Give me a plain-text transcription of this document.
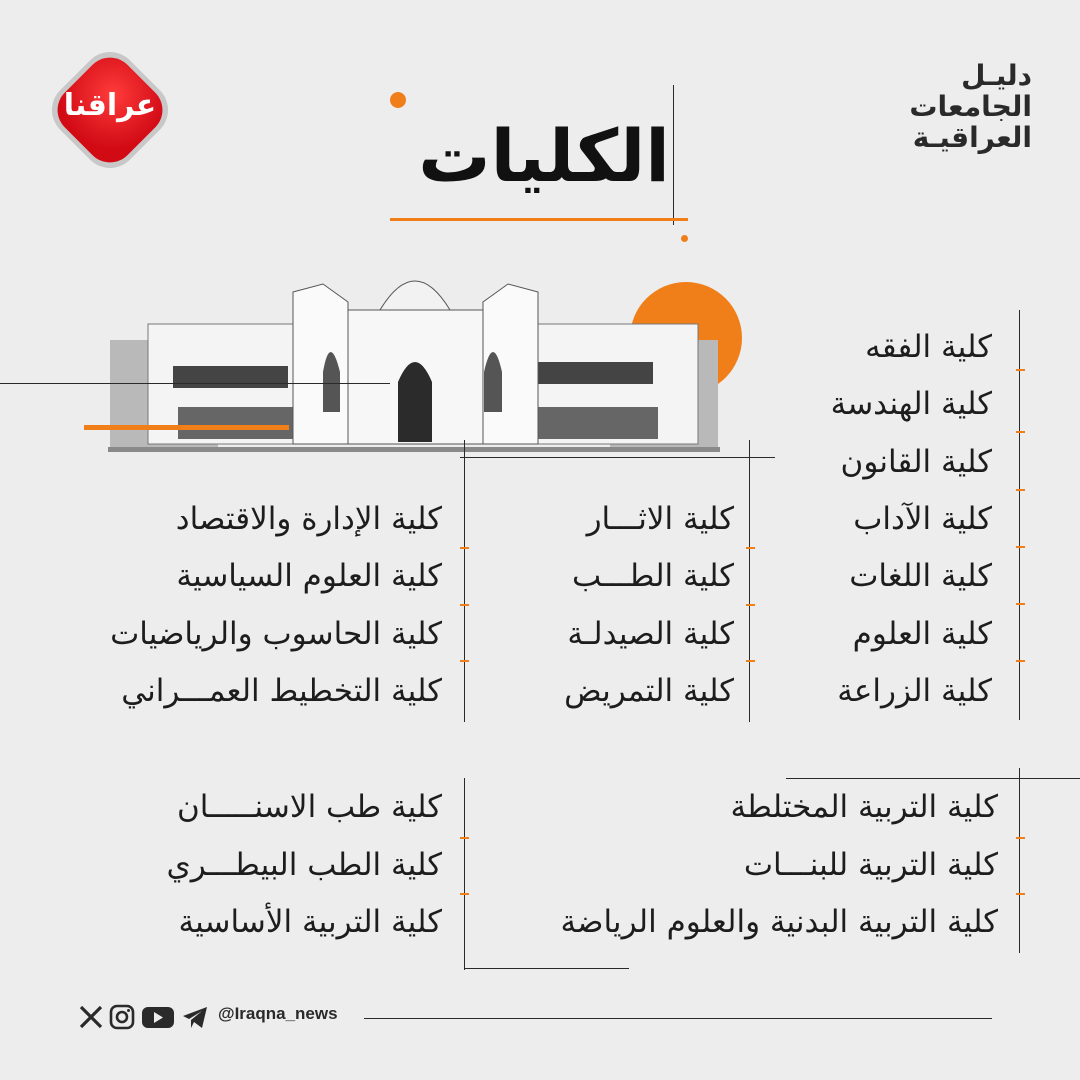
عراقنا
دليـل
الجامعات
العراقيـة
الكليات
كلية الفقه
كلية الهندسة
كلية القانون
كلية الآداب
كلية اللغات
كلية العلوم
كلية الزراعة
كلية الاثـــار
كلية الطـــب
كلية الصيدلـة
كلية التمريض
كلية الإدارة والاقتصاد
كلية العلوم السياسية
كلية الحاسوب والرياضيات
كلية التخطيط العمـــراني
كلية التربية المختلطة
كلية التربية للبنـــات
كلية التربية البدنية والعلوم الرياضة
كلية طب الاسنـــــان
كلية الطب البيطـــري
كلية التربية الأساسية
@Iraqna_news
